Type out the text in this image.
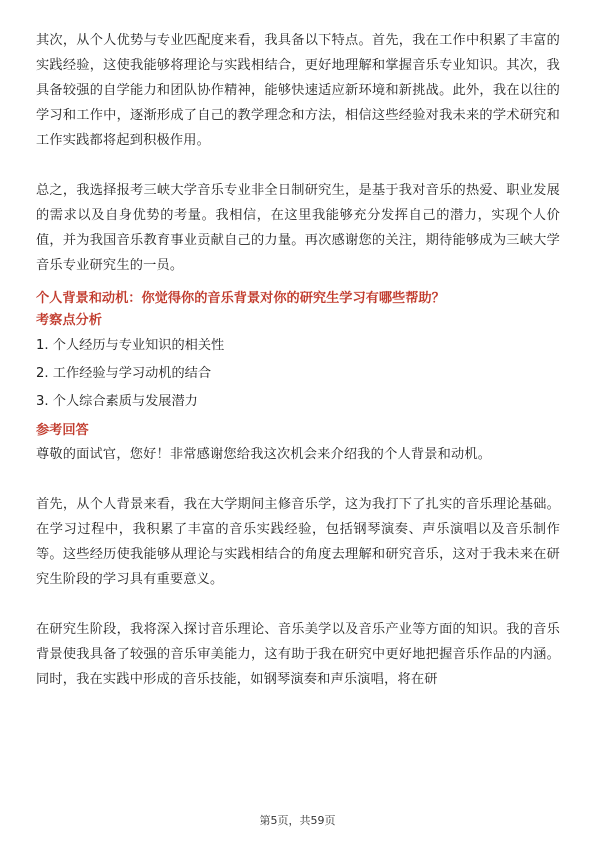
其次，从个人优势与专业匹配度来看，我具备以下特点。首先，我在工作中积累了丰富的实践经验，这使我能够将理论与实践相结合，更好地理解和掌握音乐专业知识。其次，我具备较强的自学能力和团队协作精神，能够快速适应新环境和新挑战。此外，我在以往的学习和工作中，逐渐形成了自己的教学理念和方法，相信这些经验对我未来的学术研究和工作实践都将起到积极作用。

总之，我选择报考三峡大学音乐专业非全日制研究生，是基于我对音乐的热爱、职业发展的需求以及自身优势的考量。我相信，在这里我能够充分发挥自己的潜力，实现个人价值，并为我国音乐教育事业贡献自己的力量。再次感谢您的关注，期待能够成为三峡大学音乐专业研究生的一员。

个人背景和动机：你觉得你的音乐背景对你的研究生学习有哪些帮助？

考察点分析

1. 个人经历与专业知识的相关性

2. 工作经验与学习动机的结合

3. 个人综合素质与发展潜力

参考回答

尊敬的面试官，您好！非常感谢您给我这次机会来介绍我的个人背景和动机。

首先，从个人背景来看，我在大学期间主修音乐学，这为我打下了扎实的音乐理论基础。在学习过程中，我积累了丰富的音乐实践经验，包括钢琴演奏、声乐演唱以及音乐制作等。这些经历使我能够从理论与实践相结合的角度去理解和研究音乐，这对于我未来在研究生阶段的学习具有重要意义。

在研究生阶段，我将深入探讨音乐理论、音乐美学以及音乐产业等方面的知识。我的音乐背景使我具备了较强的音乐审美能力，这有助于我在研究中更好地把握音乐作品的内涵。同时，我在实践中形成的音乐技能，如钢琴演奏和声乐演唱，将在研

第5页，共59页
